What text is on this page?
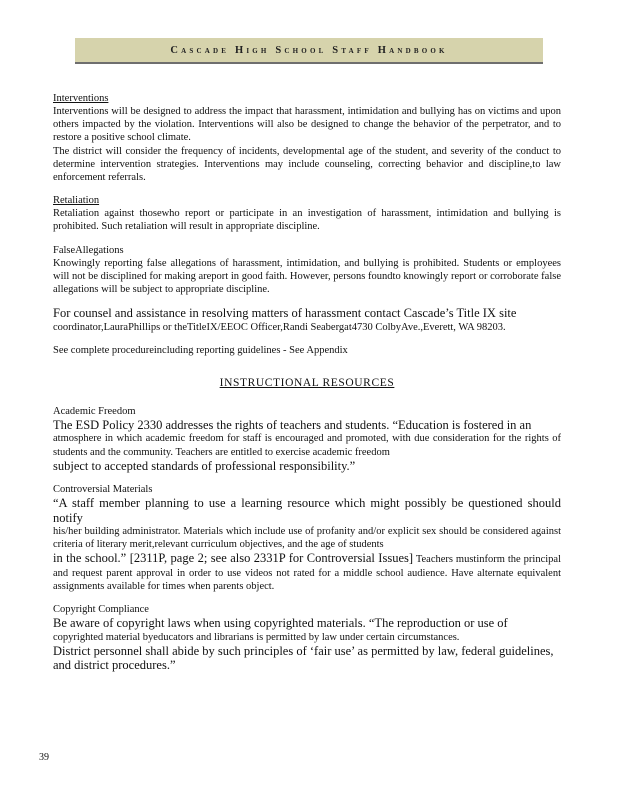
Cascade High School Staff Handbook
Interventions

Interventions will be designed to address the impact that harassment, intimidation and bullying has on victims and upon others impacted by the violation. Interventions will also be designed to change the behavior of the perpetrator, and to restore a positive school climate.

The district will consider the frequency of incidents, developmental age of the student, and severity of the conduct to determine intervention strategies. Interventions may include counseling, correcting behavior and discipline,to law enforcement referrals.

Retaliation

Retaliation against thosewho report or participate in an investigation of harassment, intimidation and bullying is prohibited. Such retaliation will result in appropriate discipline.

FalseAllegations

Knowingly reporting false allegations of harassment, intimidation, and bullying is prohibited. Students or employees will not be disciplined for making areport in good faith. However, persons foundto knowingly report or corroborate false allegations will be subject to appropriate discipline.

For counsel and assistance in resolving matters of harassment contact Cascade’s Title IX site

coordinator,LauraPhillips or theTitleIX/EEOC Officer,Randi Seabergat4730 ColbyAve.,Everett, WA 98203.

See complete procedureincluding reporting guidelines - See Appendix

INSTRUCTIONAL RESOURCES
Academic Freedom

The ESD Policy 2330 addresses the rights of teachers and students. “Education is fostered in an

atmosphere in which academic freedom for staff is encouraged and promoted, with due consideration for the rights of students and the community. Teachers are entitled to exercise academic freedom

subject to accepted standards of professional responsibility.”

Controversial Materials

“A staff member planning to use a learning resource which might possibly be questioned should notify

his/her building administrator. Materials which include use of profanity and/or explicit sex should be considered against criteria of literary merit,relevant curriculum objectives, and the age of students

in the school.” [2311P, page 2; see also 2331P for Controversial Issues] Teachers mustinform the principal and request parent approval in order to use videos not rated for a middle school audience. Have alternate equivalent assignments available for times when parents object.

Copyright Compliance

Be aware of copyright laws when using copyrighted materials. “The reproduction or use of

copyrighted material byeducators and librarians is permitted by law under certain circumstances.

District personnel shall abide by such principles of ‘fair use’ as permitted by law, federal guidelines, and district procedures.”

39
